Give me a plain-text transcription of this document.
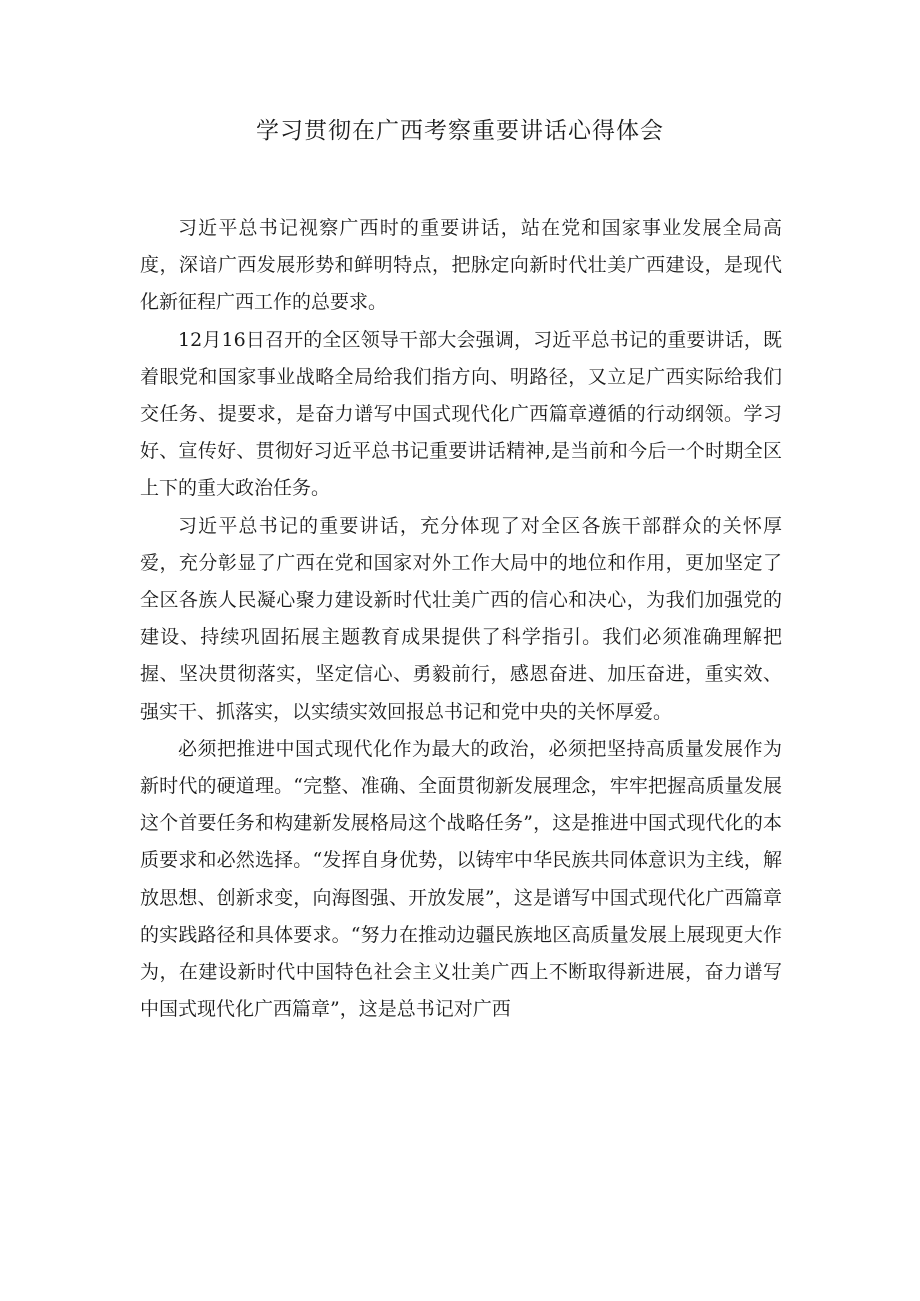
学习贯彻在广西考察重要讲话心得体会

习近平总书记视察广西时的重要讲话，站在党和国家事业发展全局高度，深谙广西发展形势和鲜明特点，把脉定向新时代壮美广西建设，是现代化新征程广西工作的总要求。

12月16日召开的全区领导干部大会强调，习近平总书记的重要讲话，既着眼党和国家事业战略全局给我们指方向、明路径，又立足广西实际给我们交任务、提要求，是奋力谱写中国式现代化广西篇章遵循的行动纲领。学习好、宣传好、贯彻好习近平总书记重要讲话精神,是当前和今后一个时期全区上下的重大政治任务。

习近平总书记的重要讲话，充分体现了对全区各族干部群众的关怀厚爱，充分彰显了广西在党和国家对外工作大局中的地位和作用，更加坚定了全区各族人民凝心聚力建设新时代壮美广西的信心和决心，为我们加强党的建设、持续巩固拓展主题教育成果提供了科学指引。我们必须准确理解把握、坚决贯彻落实，坚定信心、勇毅前行，感恩奋进、加压奋进，重实效、强实干、抓落实，以实绩实效回报总书记和党中央的关怀厚爱。

必须把推进中国式现代化作为最大的政治，必须把坚持高质量发展作为新时代的硬道理。“完整、准确、全面贯彻新发展理念，牢牢把握高质量发展这个首要任务和构建新发展格局这个战略任务”，这是推进中国式现代化的本质要求和必然选择。“发挥自身优势，以铸牢中华民族共同体意识为主线，解放思想、创新求变，向海图强、开放发展”，这是谱写中国式现代化广西篇章的实践路径和具体要求。“努力在推动边疆民族地区高质量发展上展现更大作为，在建设新时代中国特色社会主义壮美广西上不断取得新进展，奋力谱写中国式现代化广西篇章”，这是总书记对广西
